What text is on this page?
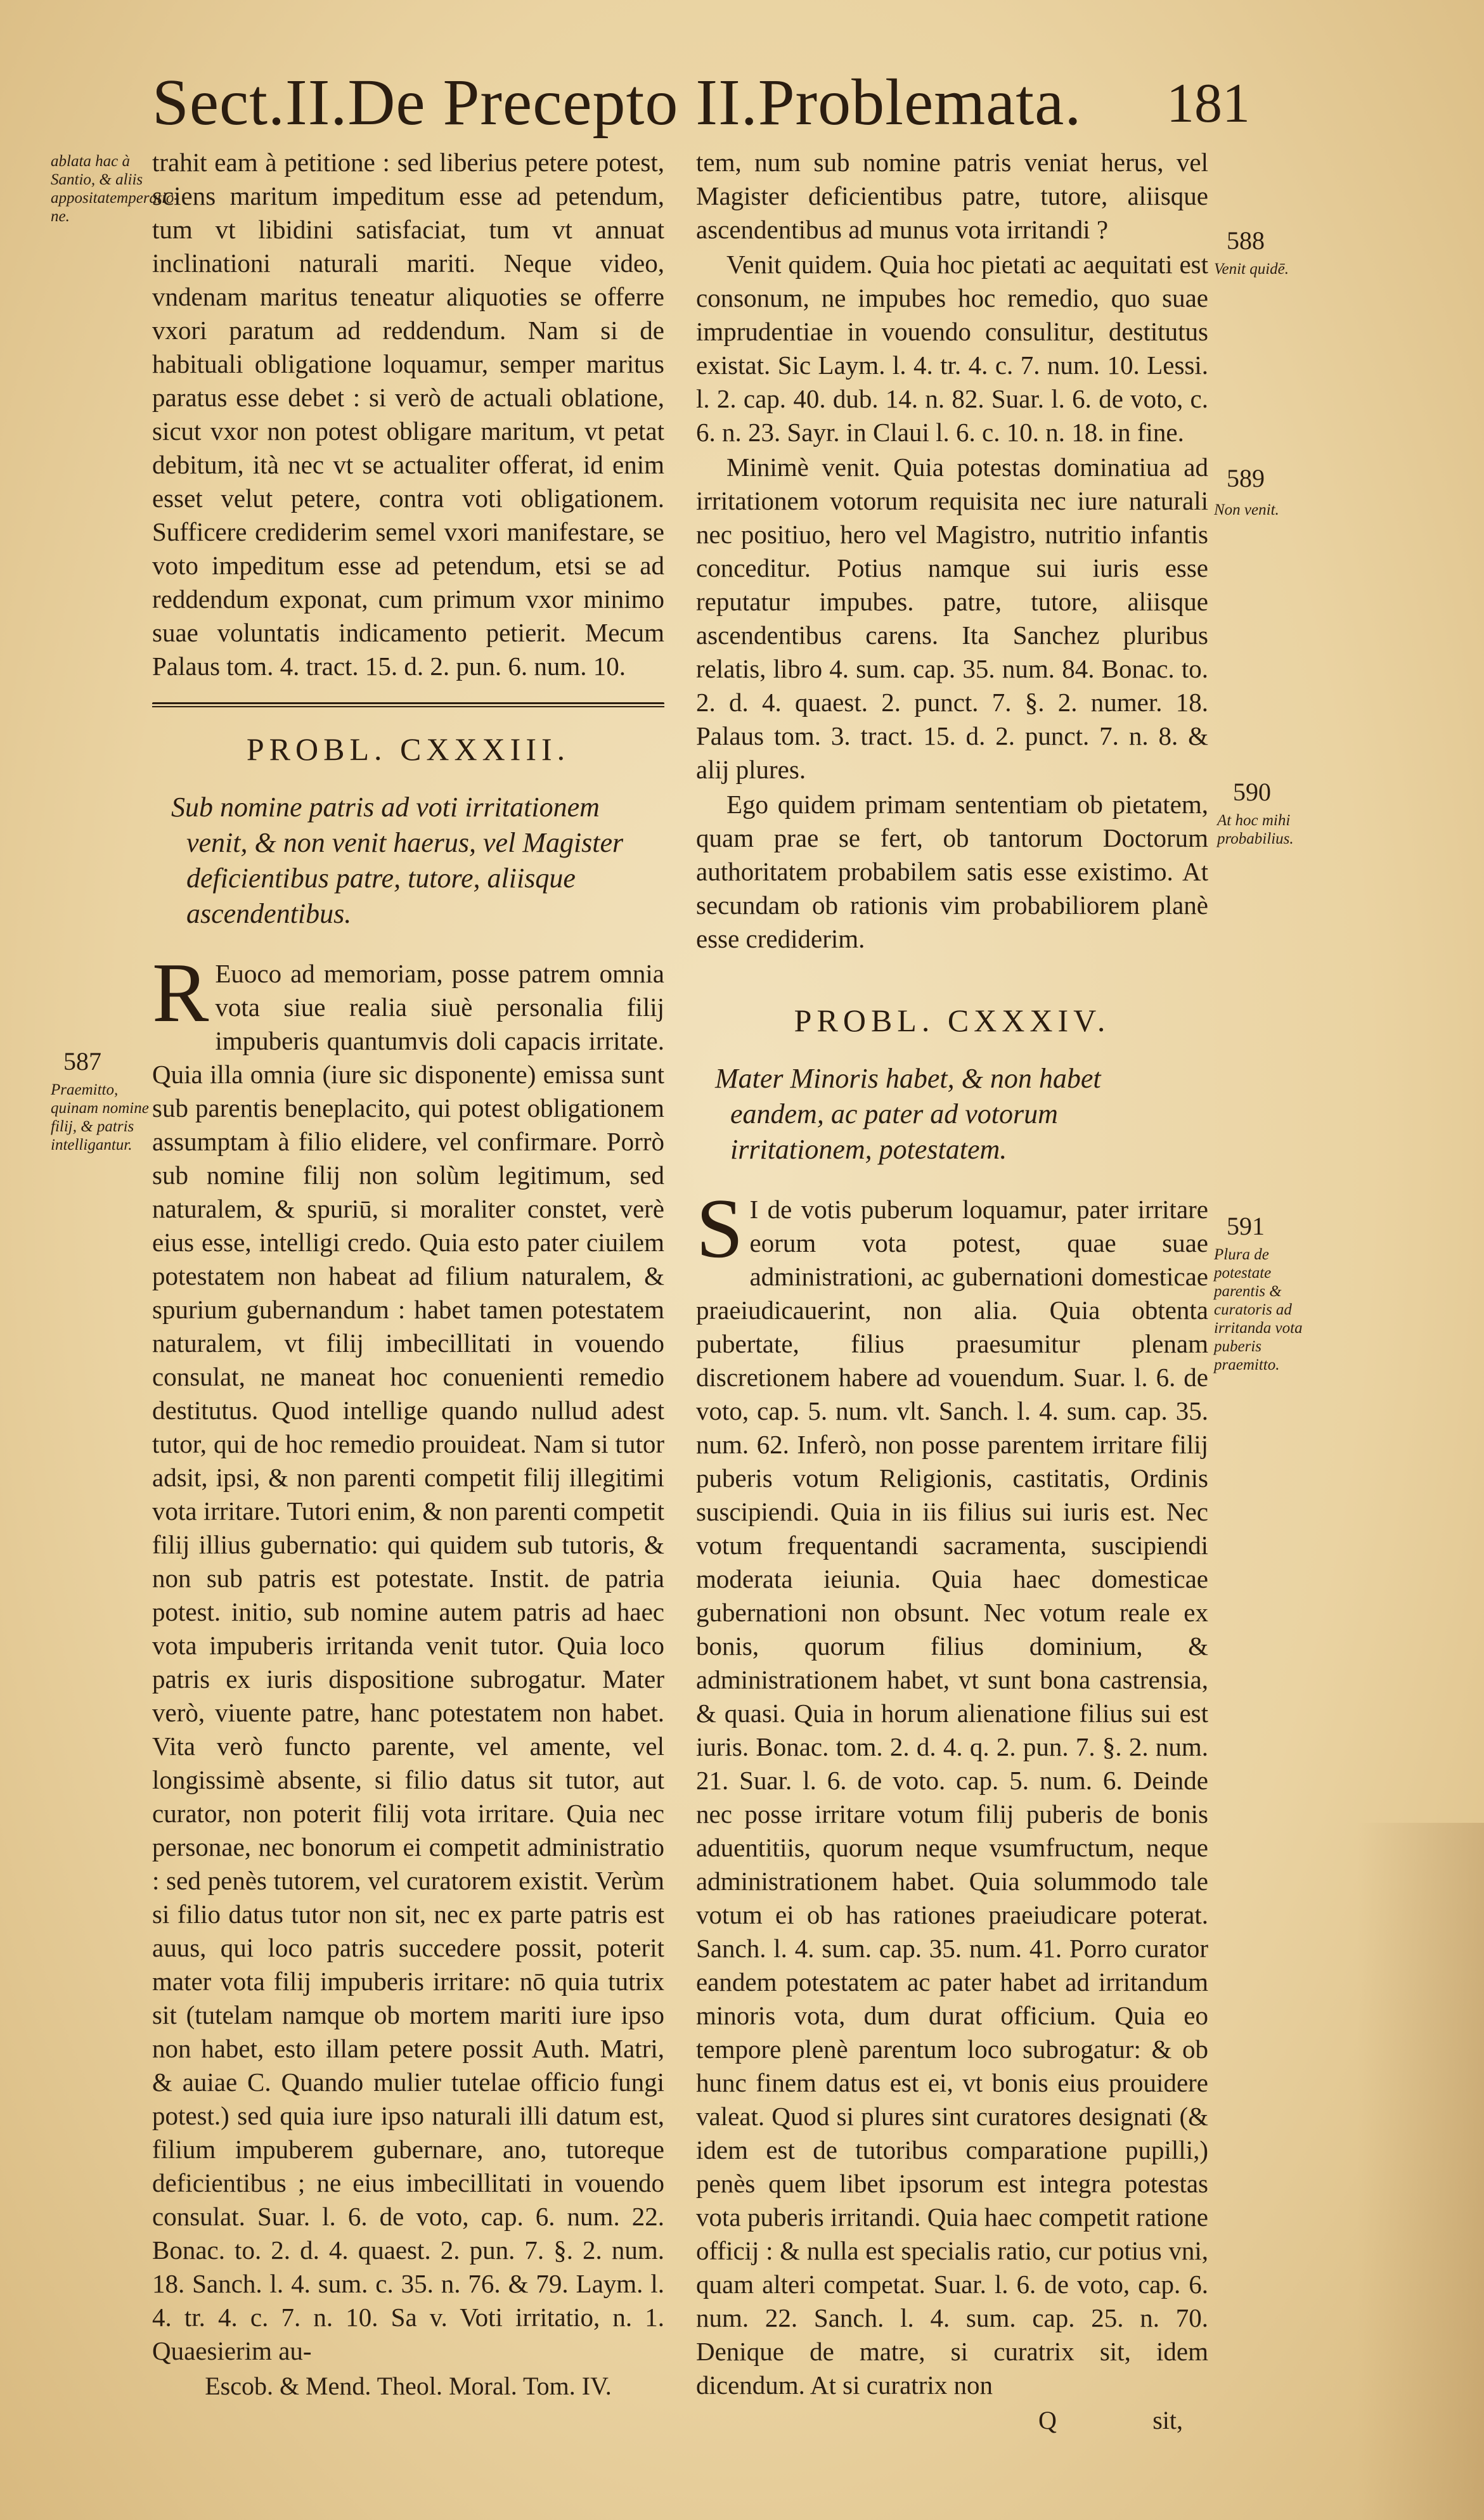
Sect.II.De Precepto II.Problemata.	181
ablata hac à Santio, & aliis appositatemperatio-ne.
587
Praemitto, quinam nomine filij, & patris intelligantur.
588
Venit quidē.
589
Non venit.
590
At hoc mihi probabilius.
591
Plura de potestate parentis & curatoris ad irritanda vota puberis praemitto.

trahit eam à petitione : sed liberius petere potest, sciens maritum impeditum esse ad petendum, tum vt libidini satisfaciat, tum vt annuat inclinationi naturali mariti. Neque video, vndenam maritus teneatur aliquoties se offerre vxori paratum ad reddendum. Nam si de habituali obligatione loquamur, semper maritus paratus esse debet : si verò de actuali oblatione, sicut vxor non potest obligare maritum, vt petat debitum, ità nec vt se actualiter offerat, id enim esset velut petere, contra voti obligationem. Sufficere crediderim semel vxori manifestare, se voto impeditum esse ad petendum, etsi se ad reddendum exponat, cum primum vxor minimo suae voluntatis indicamento petierit. Mecum Palaus tom. 4. tract. 15. d. 2. pun. 6. num. 10.

PROBL. CXXXIII.
Sub nomine patris ad voti irritationem venit, & non venit haerus, vel Magister deficientibus patre, tutore, aliisque ascendentibus.

R Euoco ad memoriam, posse patrem omnia vota siue realia siuè personalia filij impuberis quantumvis doli capacis irritate. Quia illa omnia (iure sic disponente) emissa sunt sub parentis beneplacito, qui potest obligationem assumptam à filio elidere, vel confirmare. Porrò sub nomine filij non solùm legitimum, sed naturalem, & spuriū, si moraliter constet, verè eius esse, intelligi credo. Quia esto pater ciuilem potestatem non habeat ad filium naturalem, & spurium gubernandum : habet tamen potestatem naturalem, vt filij imbecillitati in vouendo consulat, ne maneat hoc conuenienti remedio destitutus. Quod intellige quando nullud adest tutor, qui de hoc remedio prouideat. Nam si tutor adsit, ipsi, & non parenti competit filij illegitimi vota irritare. Tutori enim, & non parenti competit filij illius gubernatio: qui quidem sub tutoris, & non sub patris est potestate. Instit. de patria potest. initio, sub nomine autem patris ad haec vota impuberis irritanda venit tutor. Quia loco patris ex iuris dispositione subrogatur. Mater verò, viuente patre, hanc potestatem non habet. Vita verò functo parente, vel amente, vel longissimè absente, si filio datus sit tutor, aut curator, non poterit filij vota irritare. Quia nec personae, nec bonorum ei competit administratio : sed penès tutorem, vel curatorem existit. Verùm si filio datus tutor non sit, nec ex parte patris est auus, qui loco patris succedere possit, poterit mater vota filij impuberis irritare: nō quia tutrix sit (tutelam namque ob mortem mariti iure ipso non habet, esto illam petere possit Auth. Matri, & auiae C. Quando mulier tutelae officio fungi potest.) sed quia iure ipso naturali illi datum est, filium impuberem gubernare, ano, tutoreque deficientibus ; ne eius imbecillitati in vouendo consulat. Suar. l. 6. de voto, cap. 6. num. 22. Bonac. to. 2. d. 4. quaest. 2. pun. 7. §. 2. num. 18. Sanch. l. 4. sum. c. 35. n. 76. & 79. Laym. l. 4. tr. 4. c. 7. n. 10. Sa v. Voti irritatio, n. 1. Quaesierim au-

Escob. & Mend. Theol. Moral. Tom. IV.

tem, num sub nomine patris veniat herus, vel Magister deficientibus patre, tutore, aliisque ascendentibus ad munus vota irritandi ?

Venit quidem. Quia hoc pietati ac aequitati est consonum, ne impubes hoc remedio, quo suae imprudentiae in vouendo consulitur, destitutus existat. Sic Laym. l. 4. tr. 4. c. 7. num. 10. Lessi. l. 2. cap. 40. dub. 14. n. 82. Suar. l. 6. de voto, c. 6. n. 23. Sayr. in Claui l. 6. c. 10. n. 18. in fine.

Minimè venit. Quia potestas dominatiua ad irritationem votorum requisita nec iure naturali nec positiuo, hero vel Magistro, nutritio infantis conceditur. Potius namque sui iuris esse reputatur impubes. patre, tutore, aliisque ascendentibus carens. Ita Sanchez pluribus relatis, libro 4. sum. cap. 35. num. 84. Bonac. to. 2. d. 4. quaest. 2. punct. 7. §. 2. numer. 18. Palaus tom. 3. tract. 15. d. 2. punct. 7. n. 8. & alij plures.

Ego quidem primam sententiam ob pietatem, quam prae se fert, ob tantorum Doctorum authoritatem probabilem satis esse existimo. At secundam ob rationis vim probabiliorem planè esse crediderim.

PROBL. CXXXIV.
Mater Minoris habet, & non habet eandem, ac pater ad votorum irritationem, potestatem.

S I de votis puberum loquamur, pater irritare eorum vota potest, quae suae administrationi, ac gubernationi domesticae praeiudicauerint, non alia. Quia obtenta pubertate, filius praesumitur plenam discretionem habere ad vouendum. Suar. l. 6. de voto, cap. 5. num. vlt. Sanch. l. 4. sum. cap. 35. num. 62. Inferò, non posse parentem irritare filij puberis votum Religionis, castitatis, Ordinis suscipiendi. Quia in iis filius sui iuris est. Nec votum frequentandi sacramenta, suscipiendi moderata ieiunia. Quia haec domesticae gubernationi non obsunt. Nec votum reale ex bonis, quorum filius dominium, & administrationem habet, vt sunt bona castrensia, & quasi. Quia in horum alienatione filius sui est iuris. Bonac. tom. 2. d. 4. q. 2. pun. 7. §. 2. num. 21. Suar. l. 6. de voto. cap. 5. num. 6. Deinde nec posse irritare votum filij puberis de bonis aduentitiis, quorum neque vsumfructum, neque administrationem habet. Quia solummodo tale votum ei ob has rationes praeiudicare poterat. Sanch. l. 4. sum. cap. 35. num. 41. Porro curator eandem potestatem ac pater habet ad irritandum minoris vota, dum durat officium. Quia eo tempore plenè parentum loco subrogatur: & ob hunc finem datus est ei, vt bonis eius prouidere valeat. Quod si plures sint curatores designati (& idem est de tutoribus comparatione pupilli,) penès quem libet ipsorum est integra potestas vota puberis irritandi. Quia haec competit ratione officij : & nulla est specialis ratio, cur potius vni, quam alteri competat. Suar. l. 6. de voto, cap. 6. num. 22. Sanch. l. 4. sum. cap. 25. n. 70. Denique de matre, si curatrix sit, idem dicendum. At si curatrix non

Q	sit,
